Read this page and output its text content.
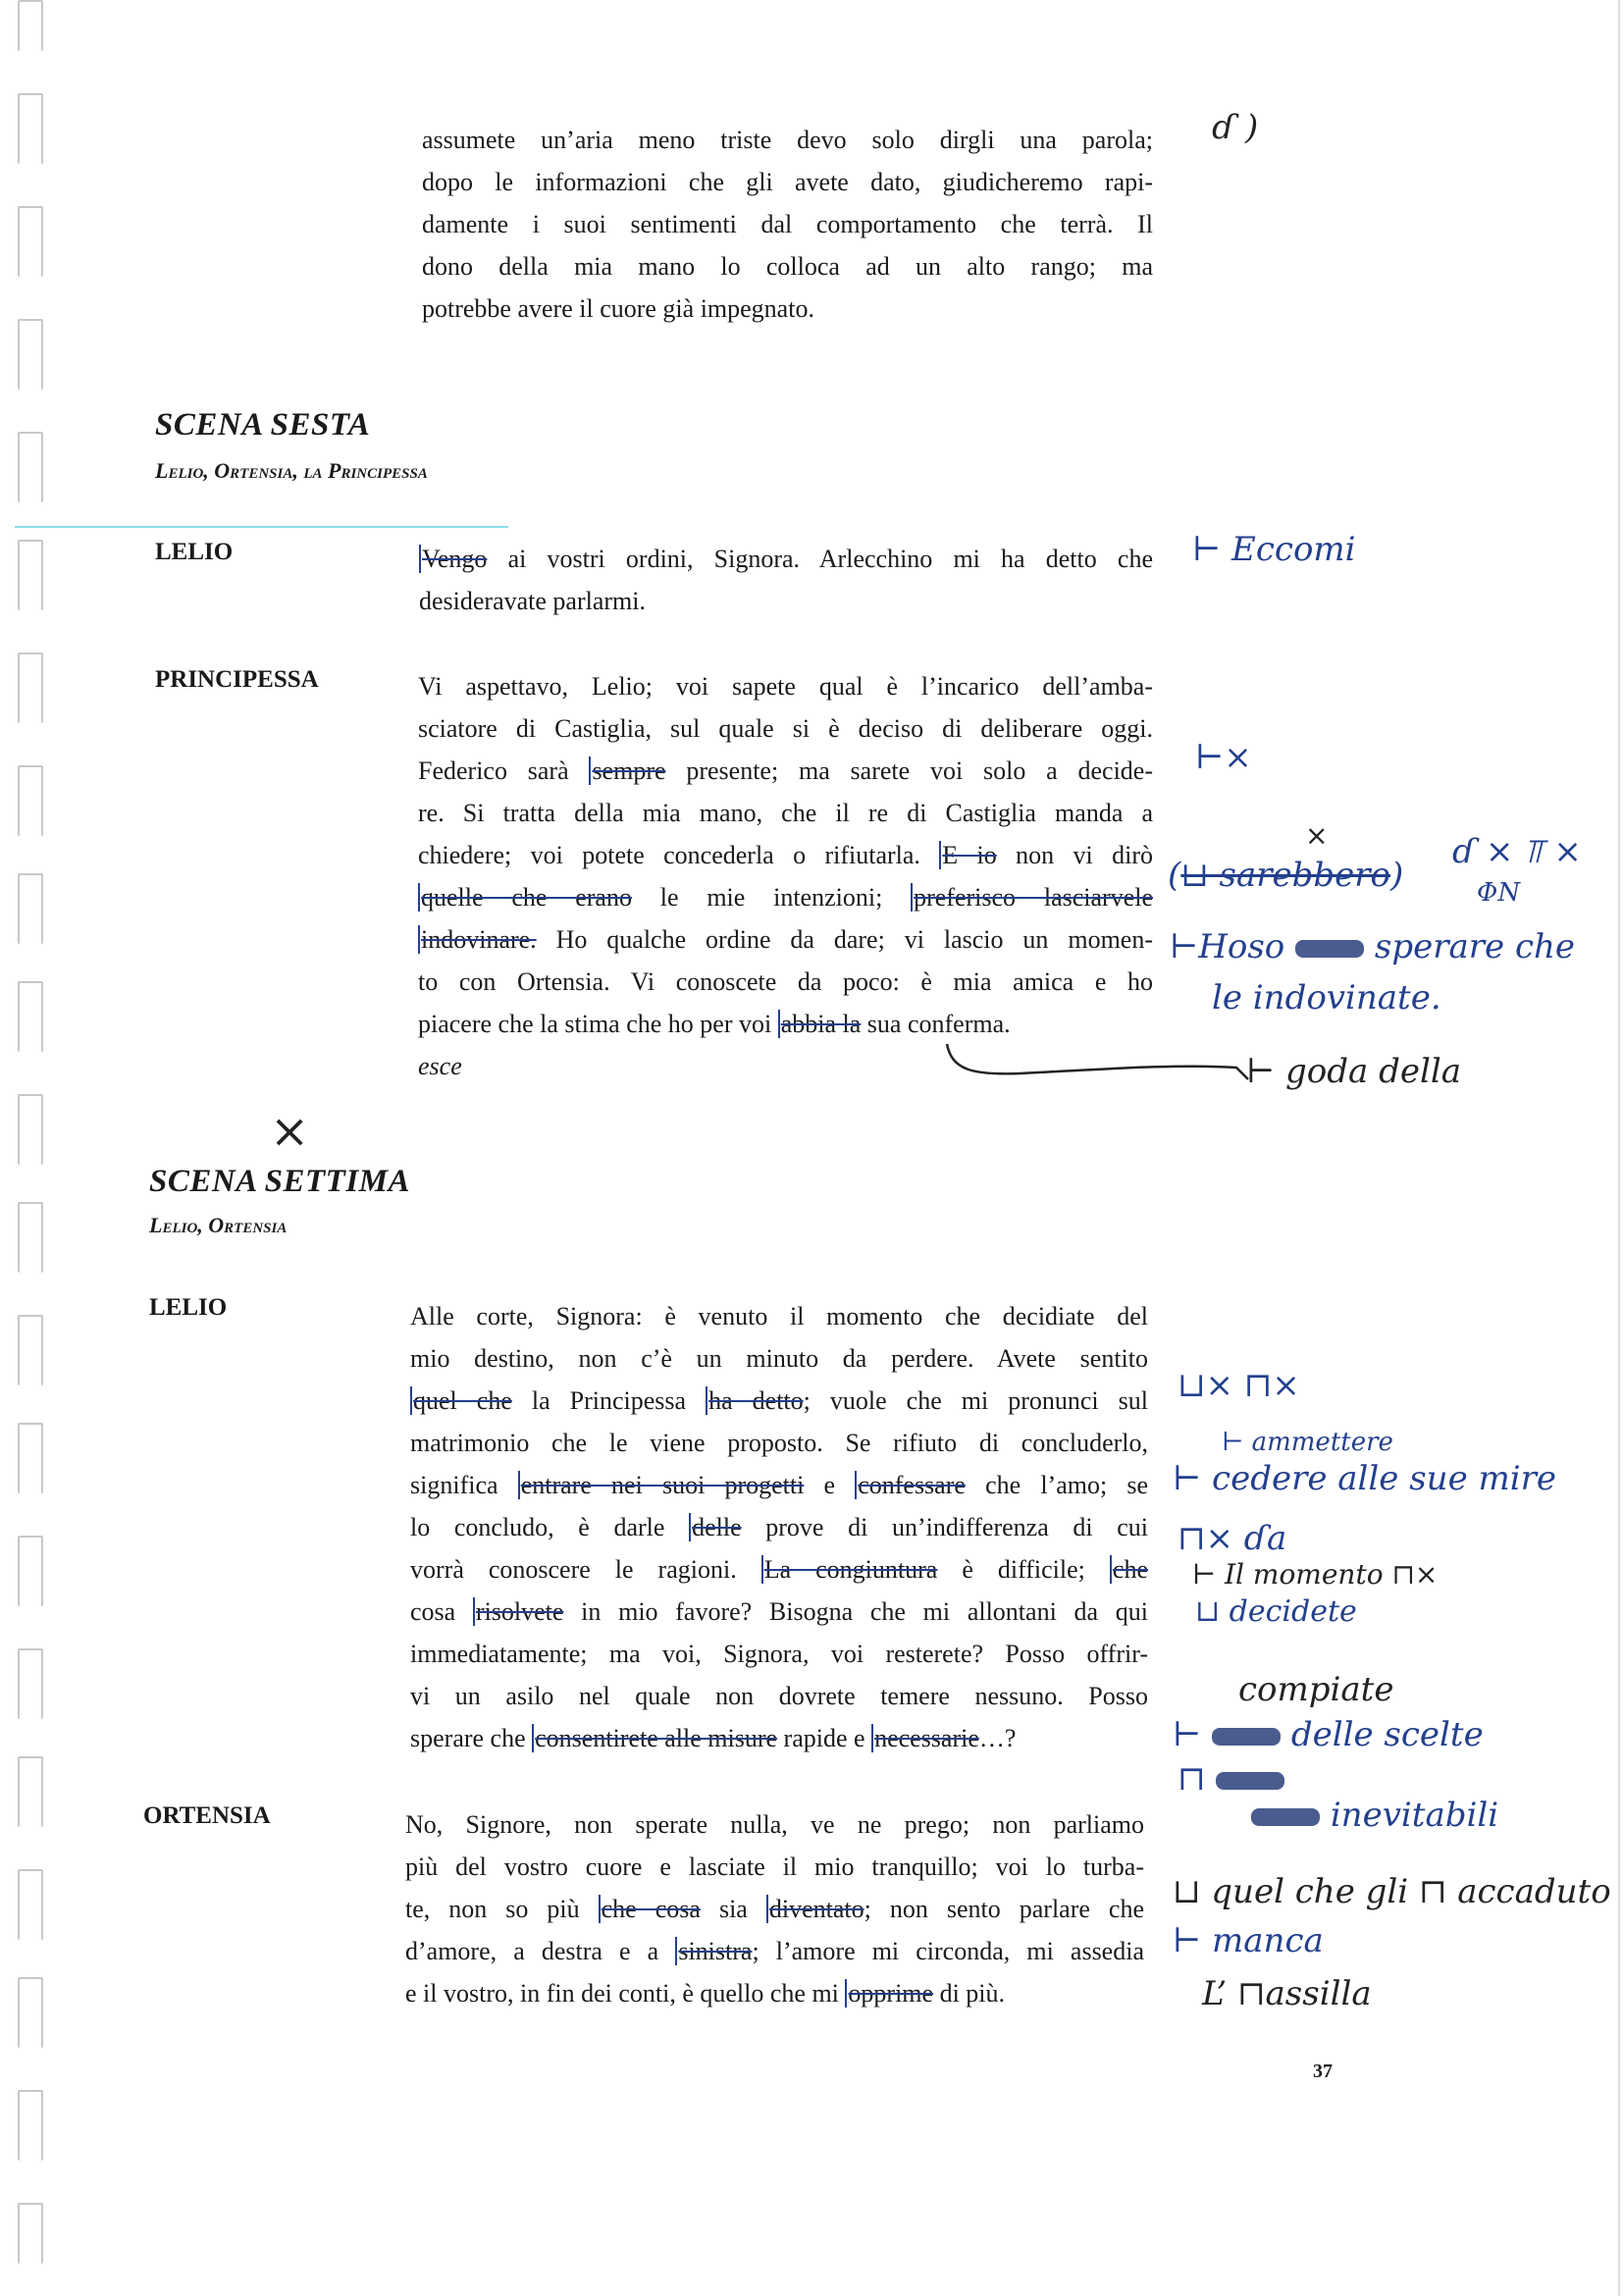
assumete un’aria meno triste devo solo dirgli una parola;
dopo le informazioni che gli avete dato, giudicheremo rapi-
damente i suoi sentimenti dal comportamento che terrà. Il
dono della mia mano lo colloca ad un alto rango; ma
potrebbe avere il cuore già impegnato.
SCENA SESTA
Lelio, Ortensia, la Principessa
LELIO	Vengo ai vostri ordini, Signora. Arlecchino mi ha detto che
desideravate parlarmi.
PRINCIPESSA	Vi aspettavo, Lelio; voi sapete qual è l’incarico dell’amba-
sciatore di Castiglia, sul quale si è deciso di deliberare oggi.
Federico sarà sempre presente; ma sarete voi solo a decide-
re. Si tratta della mia mano, che il re di Castiglia manda a
chiedere; voi potete concederla o rifiutarla. E io non vi dirò
quelle che erano le mie intenzioni; preferisco lasciarvele
indovinare. Ho qualche ordine da dare; vi lascio un momen-
to con Ortensia. Vi conoscete da poco: è mia amica e ho
piacere che la stima che ho per voi abbia la sua conferma.
esce
SCENA SETTIMA
Lelio, Ortensia
LELIO	Alle corte, Signora: è venuto il momento che decidiate del
mio destino, non c’è un minuto da perdere. Avete sentito
quel che la Principessa ha detto; vuole che mi pronunci sul
matrimonio che le viene proposto. Se rifiuto di concluderlo,
significa entrare nei suoi progetti e confessare che l’amo; se
lo concludo, è darle delle prove di un’indifferenza di cui
vorrà conoscere le ragioni. La congiuntura è difficile; che
cosa risolvete in mio favore? Bisogna che mi allontani da qui
immediatamente; ma voi, Signora, voi resterete? Posso offrir-
vi un asilo nel quale non dovrete temere nessuno. Posso
sperare che consentirete alle misure rapide e necessarie…?
ORTENSIA	No, Signore, non sperate nulla, ve ne prego; non parliamo
più del vostro cuore e lasciate il mio tranquillo; voi lo turba-
te, non so più che cosa sia diventato; non sento parlare che
d’amore, a destra e a sinistra; l’amore mi circonda, mi assedia
e il vostro, in fin dei conti, è quello che mi opprime di più.
37
ɗ )
⊢ Eccomi
⊢×
(⊔ sarebbero)
×	ɗ × ⫪ ×
ΦN
⊢Hoso	sperare che
le indovinate.
⊢ goda della
×
⊔× ⊓×
⊢ ammettere
⊢ cedere alle sue mire
⊓× ɗa
⊢ Il momento ⊓×
⊔ decidete
compiate
⊢  delle scelte
⊓
inevitabili
⊔ quel che gli ⊓ accaduto
⊢ manca
L’ ⊓assilla
